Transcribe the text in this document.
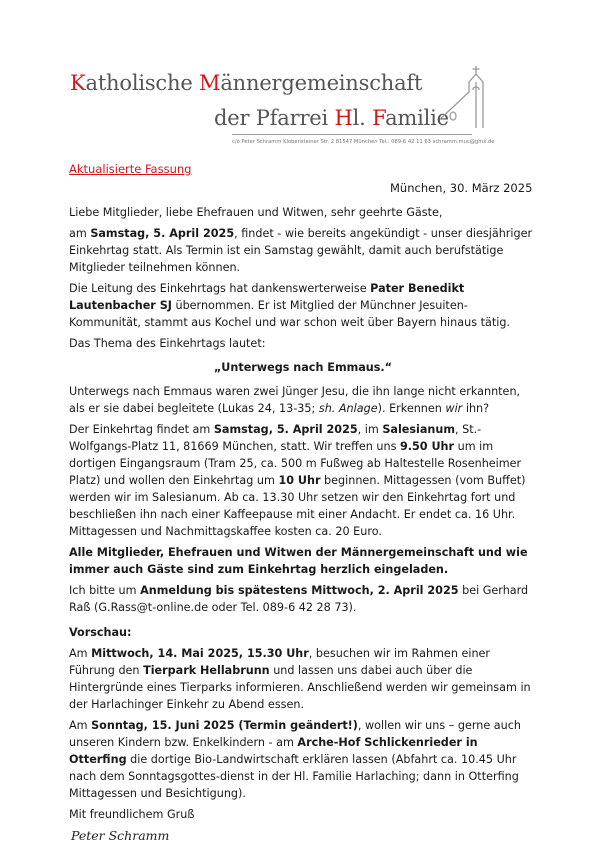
Katholische Männergemeinschaft
der Pfarrei Hl. Familie
c/o Peter Schramm Klobensteiner Str. 2 81547 München Tel.: 089-6 42 11 63 schramm.muc@gmx.de
Aktualisierte Fassung
München, 30. März 2025

Liebe Mitglieder, liebe Ehefrauen und Witwen, sehr geehrte Gäste,

am Samstag, 5. April 2025, findet - wie bereits angekündigt - unser diesjähriger Einkehrtag statt. Als Termin ist ein Samstag gewählt, damit auch berufstätige Mitglieder teilnehmen können.

Die Leitung des Einkehrtags hat dankenswerterweise Pater Benedikt Lautenbacher SJ übernommen. Er ist Mitglied der Münchner Jesuiten-Kommunität, stammt aus Kochel und war schon weit über Bayern hinaus tätig.

Das Thema des Einkehrtags lautet:

„Unterwegs nach Emmaus.“

Unterwegs nach Emmaus waren zwei Jünger Jesu, die ihn lange nicht erkannten, als er sie dabei begleitete (Lukas 24, 13-35; sh. Anlage). Erkennen wir ihn?

Der Einkehrtag findet am Samstag, 5. April 2025, im Salesianum, St.-Wolfgangs-Platz 11, 81669 München, statt. Wir treffen uns 9.50 Uhr um im dortigen Eingangsraum (Tram 25, ca. 500 m Fußweg ab Haltestelle Rosenheimer Platz) und wollen den Einkehrtag um 10 Uhr beginnen. Mittagessen (vom Buffet) werden wir im Salesianum. Ab ca. 13.30 Uhr setzen wir den Einkehrtag fort und beschließen ihn nach einer Kaffeepause mit einer Andacht. Er endet ca. 16 Uhr. Mittagessen und Nachmittagskaffee kosten ca. 20 Euro.

Alle Mitglieder, Ehefrauen und Witwen der Männergemeinschaft und wie immer auch Gäste sind zum Einkehrtag herzlich eingeladen.

Ich bitte um Anmeldung bis spätestens Mittwoch, 2. April 2025 bei Gerhard Raß (G.Rass@t-online.de oder Tel. 089-6 42 28 73).

Vorschau:

Am Mittwoch, 14. Mai 2025, 15.30 Uhr, besuchen wir im Rahmen einer Führung den Tierpark Hellabrunn und lassen uns dabei auch über die Hintergründe eines Tierparks informieren. Anschließend werden wir gemeinsam in der Harlachinger Einkehr zu Abend essen.

Am Sonntag, 15. Juni 2025 (Termin geändert!), wollen wir uns – gerne auch unseren Kindern bzw. Enkelkindern - am Arche-Hof Schlickenrieder in Otterfing die dortige Bio-Landwirtschaft erklären lassen (Abfahrt ca. 10.45 Uhr nach dem Sonntagsgottes-dienst in der Hl. Familie Harlaching; dann in Otterfing Mittagessen und Besichtigung).

Mit freundlichem Gruß

Peter Schramm
